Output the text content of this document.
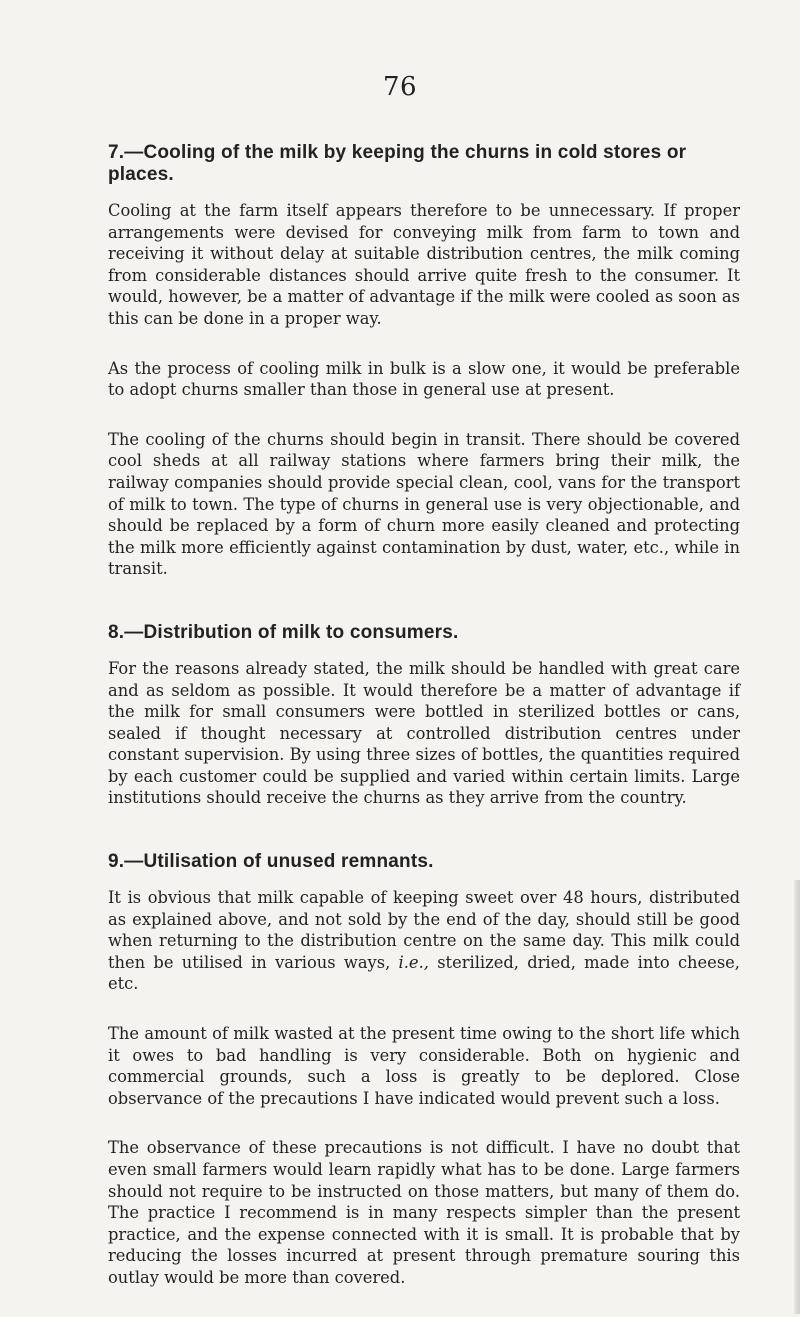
76
7.—Cooling of the milk by keeping the churns in cold stores or places.

Cooling at the farm itself appears therefore to be unnecessary. If proper arrangements were devised for conveying milk from farm to town and receiving it without delay at suitable distribution centres, the milk coming from considerable distances should arrive quite fresh to the consumer. It would, however, be a matter of advantage if the milk were cooled as soon as this can be done in a proper way.

As the process of cooling milk in bulk is a slow one, it would be preferable to adopt churns smaller than those in general use at present.

The cooling of the churns should begin in transit. There should be covered cool sheds at all railway stations where farmers bring their milk, the railway companies should provide special clean, cool, vans for the transport of milk to town. The type of churns in general use is very objectionable, and should be replaced by a form of churn more easily cleaned and protecting the milk more efficiently against contamination by dust, water, etc., while in transit.

8.—Distribution of milk to consumers.

For the reasons already stated, the milk should be handled with great care and as seldom as possible. It would therefore be a matter of advantage if the milk for small consumers were bottled in sterilized bottles or cans, sealed if thought necessary at controlled distribution centres under constant supervision. By using three sizes of bottles, the quantities required by each customer could be supplied and varied within certain limits. Large institutions should receive the churns as they arrive from the country.

9.—Utilisation of unused remnants.

It is obvious that milk capable of keeping sweet over 48 hours, distributed as explained above, and not sold by the end of the day, should still be good when returning to the distribution centre on the same day. This milk could then be utilised in various ways, i.e., sterilized, dried, made into cheese, etc.

The amount of milk wasted at the present time owing to the short life which it owes to bad handling is very considerable. Both on hygienic and commercial grounds, such a loss is greatly to be deplored. Close observance of the precautions I have indicated would prevent such a loss.

The observance of these precautions is not difficult. I have no doubt that even small farmers would learn rapidly what has to be done. Large farmers should not require to be instructed on those matters, but many of them do. The practice I recommend is in many respects simpler than the present practice, and the expense connected with it is small. It is probable that by reducing the losses incurred at present through premature souring this outlay would be more than covered.
